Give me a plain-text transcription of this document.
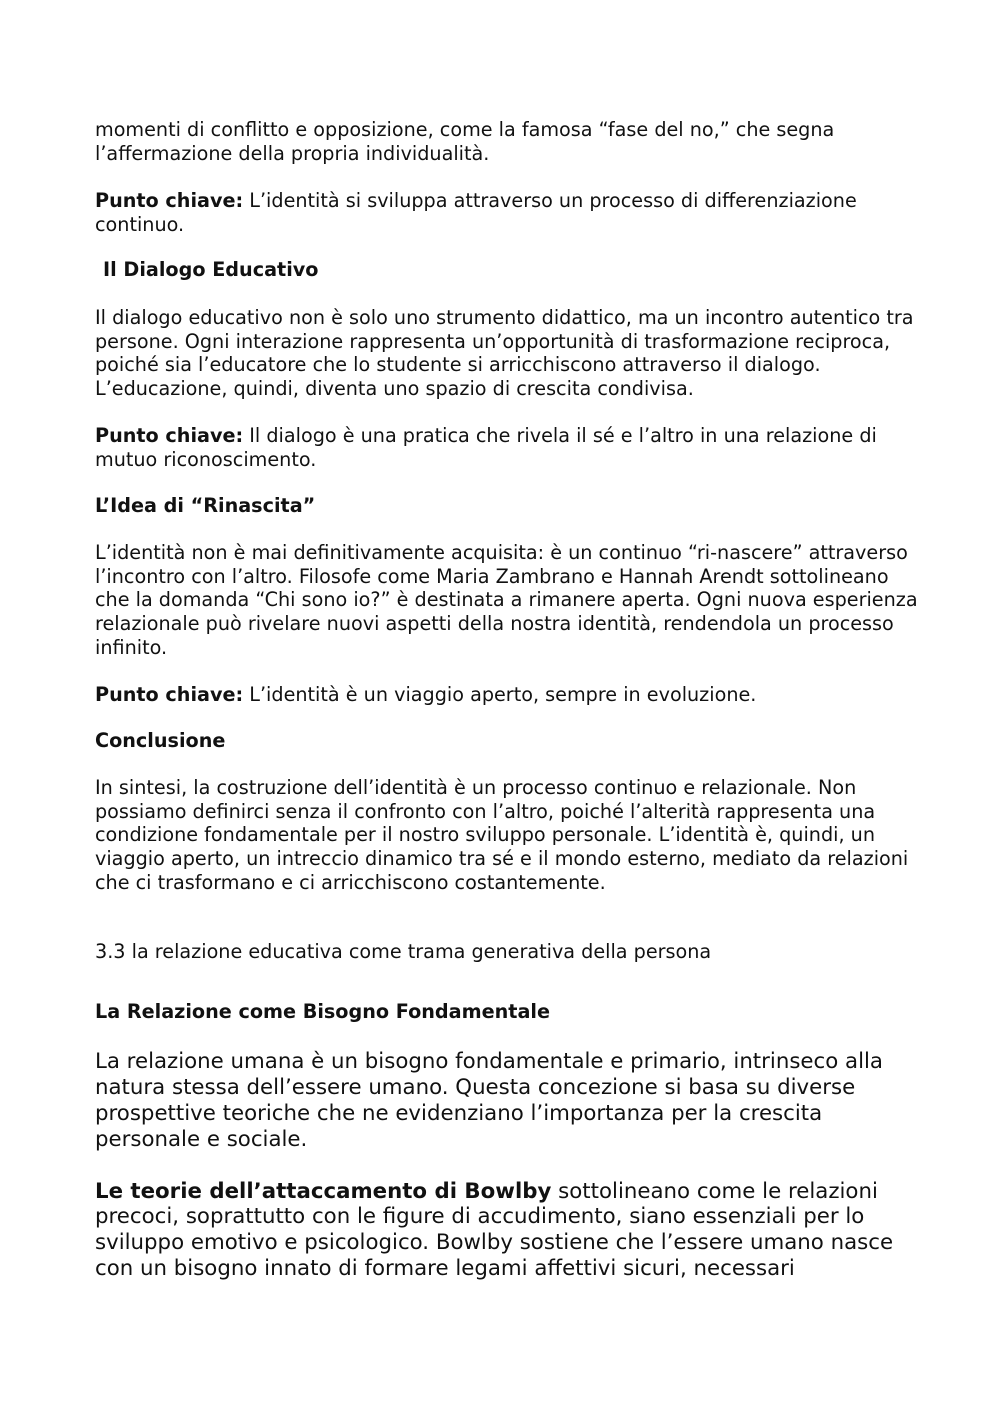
momenti di conflitto e opposizione, come la famosa “fase del no,” che segna l’affermazione della propria individualità.

Punto chiave: L’identità si sviluppa attraverso un processo di differenziazione continuo.

Il Dialogo Educativo

Il dialogo educativo non è solo uno strumento didattico, ma un incontro autentico tra persone. Ogni interazione rappresenta un’opportunità di trasformazione reciproca, poiché sia l’educatore che lo studente si arricchiscono attraverso il dialogo. L’educazione, quindi, diventa uno spazio di crescita condivisa.

Punto chiave: Il dialogo è una pratica che rivela il sé e l’altro in una relazione di mutuo riconoscimento.

L’Idea di “Rinascita”

L’identità non è mai definitivamente acquisita: è un continuo “ri-nascere” attraverso l’incontro con l’altro. Filosofe come Maria Zambrano e Hannah Arendt sottolineano che la domanda “Chi sono io?” è destinata a rimanere aperta. Ogni nuova esperienza relazionale può rivelare nuovi aspetti della nostra identità, rendendola un processo infinito.

Punto chiave: L’identità è un viaggio aperto, sempre in evoluzione.

Conclusione

In sintesi, la costruzione dell’identità è un processo continuo e relazionale. Non possiamo definirci senza il confronto con l’altro, poiché l’alterità rappresenta una condizione fondamentale per il nostro sviluppo personale. L’identità è, quindi, un viaggio aperto, un intreccio dinamico tra sé e il mondo esterno, mediato da relazioni che ci trasformano e ci arricchiscono costantemente.

3.3 la relazione educativa come trama generativa della persona

La Relazione come Bisogno Fondamentale

La relazione umana è un bisogno fondamentale e primario, intrinseco alla natura stessa dell’essere umano. Questa concezione si basa su diverse prospettive teoriche che ne evidenziano l’importanza per la crescita personale e sociale.

Le teorie dell’attaccamento di Bowlby sottolineano come le relazioni precoci, soprattutto con le figure di accudimento, siano essenziali per lo sviluppo emotivo e psicologico. Bowlby sostiene che l’essere umano nasce con un bisogno innato di formare legami affettivi sicuri, necessari
